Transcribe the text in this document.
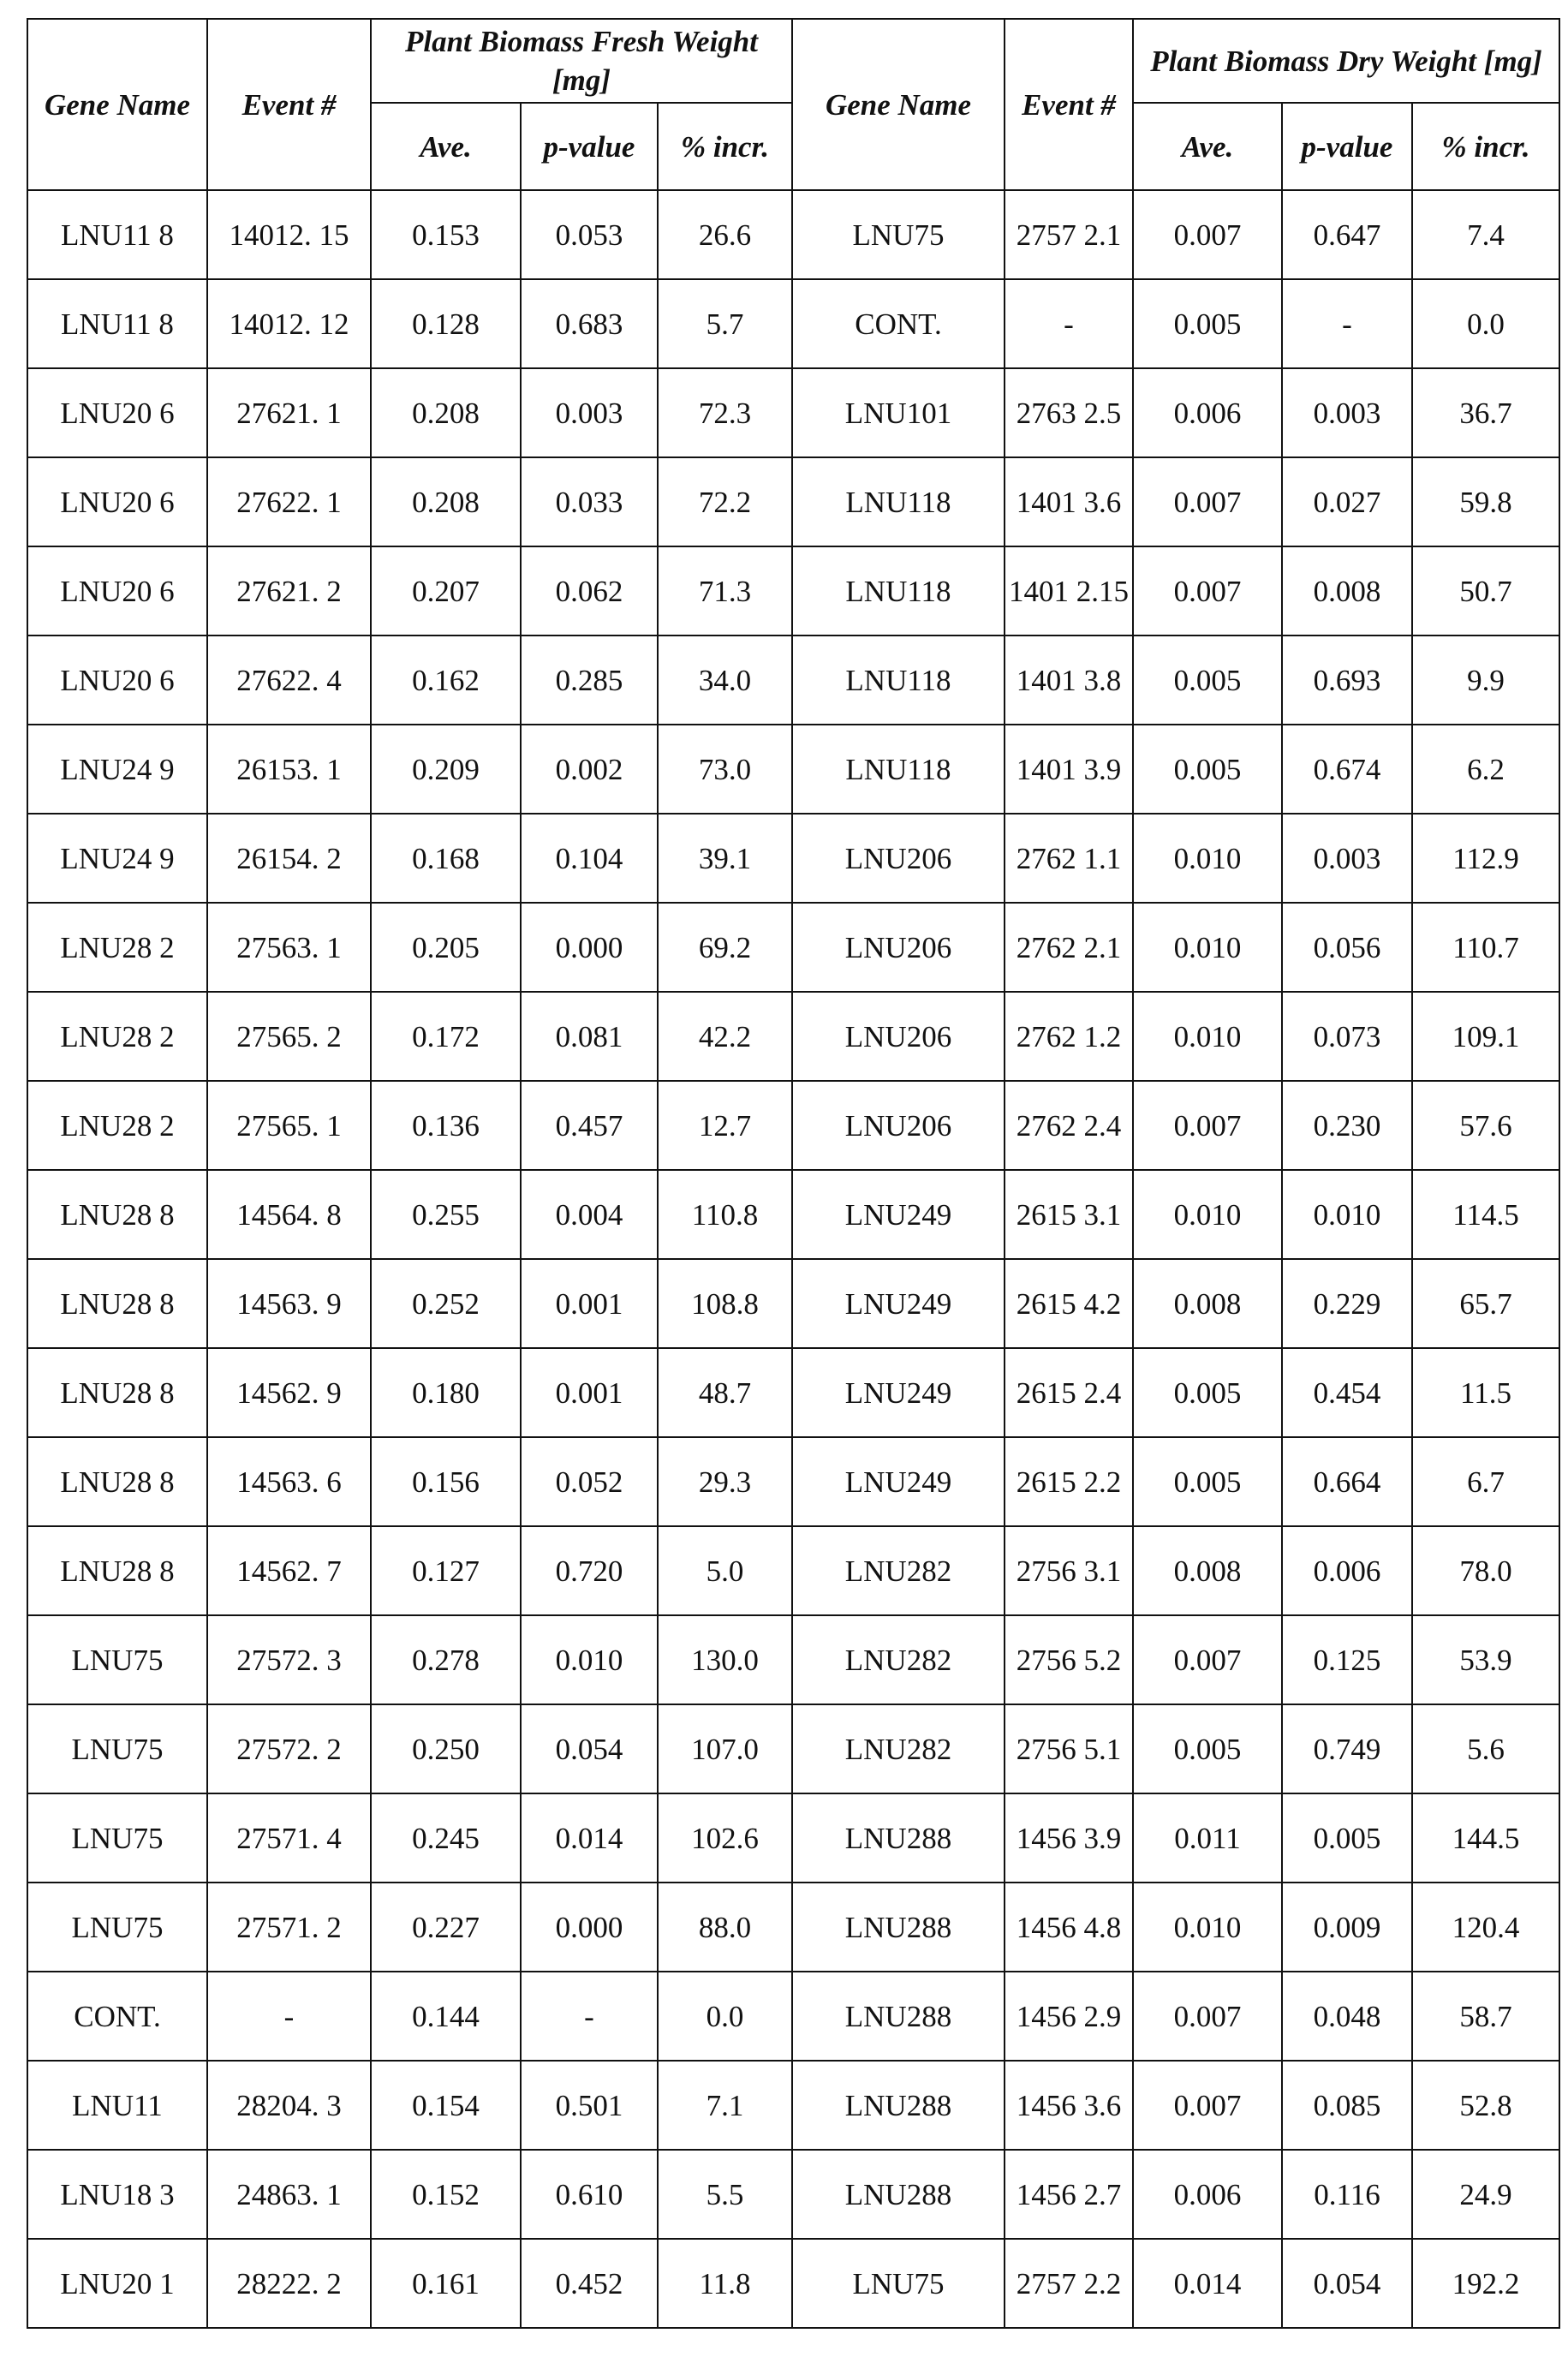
Gene Name	Event #	Plant Biomass Fresh Weight [mg]	Gene Name	Event #	Plant Biomass Dry Weight [mg]
Ave.	p-value	% incr.	Ave.	p-value	% incr.
LNU11 8	14012. 15	0.153	0.053	26.6	LNU75	2757 2.1	0.007	0.647	7.4
LNU11 8	14012. 12	0.128	0.683	5.7	CONT.	-	0.005	-	0.0
LNU20 6	27621. 1	0.208	0.003	72.3	LNU101	2763 2.5	0.006	0.003	36.7
LNU20 6	27622. 1	0.208	0.033	72.2	LNU118	1401 3.6	0.007	0.027	59.8
LNU20 6	27621. 2	0.207	0.062	71.3	LNU118	1401 2.15	0.007	0.008	50.7
LNU20 6	27622. 4	0.162	0.285	34.0	LNU118	1401 3.8	0.005	0.693	9.9
LNU24 9	26153. 1	0.209	0.002	73.0	LNU118	1401 3.9	0.005	0.674	6.2
LNU24 9	26154. 2	0.168	0.104	39.1	LNU206	2762 1.1	0.010	0.003	112.9
LNU28 2	27563. 1	0.205	0.000	69.2	LNU206	2762 2.1	0.010	0.056	110.7
LNU28 2	27565. 2	0.172	0.081	42.2	LNU206	2762 1.2	0.010	0.073	109.1
LNU28 2	27565. 1	0.136	0.457	12.7	LNU206	2762 2.4	0.007	0.230	57.6
LNU28 8	14564. 8	0.255	0.004	110.8	LNU249	2615 3.1	0.010	0.010	114.5
LNU28 8	14563. 9	0.252	0.001	108.8	LNU249	2615 4.2	0.008	0.229	65.7
LNU28 8	14562. 9	0.180	0.001	48.7	LNU249	2615 2.4	0.005	0.454	11.5
LNU28 8	14563. 6	0.156	0.052	29.3	LNU249	2615 2.2	0.005	0.664	6.7
LNU28 8	14562. 7	0.127	0.720	5.0	LNU282	2756 3.1	0.008	0.006	78.0
LNU75	27572. 3	0.278	0.010	130.0	LNU282	2756 5.2	0.007	0.125	53.9
LNU75	27572. 2	0.250	0.054	107.0	LNU282	2756 5.1	0.005	0.749	5.6
LNU75	27571. 4	0.245	0.014	102.6	LNU288	1456 3.9	0.011	0.005	144.5
LNU75	27571. 2	0.227	0.000	88.0	LNU288	1456 4.8	0.010	0.009	120.4
CONT.	-	0.144	-	0.0	LNU288	1456 2.9	0.007	0.048	58.7
LNU11	28204. 3	0.154	0.501	7.1	LNU288	1456 3.6	0.007	0.085	52.8
LNU18 3	24863. 1	0.152	0.610	5.5	LNU288	1456 2.7	0.006	0.116	24.9
LNU20 1	28222. 2	0.161	0.452	11.8	LNU75	2757 2.2	0.014	0.054	192.2
